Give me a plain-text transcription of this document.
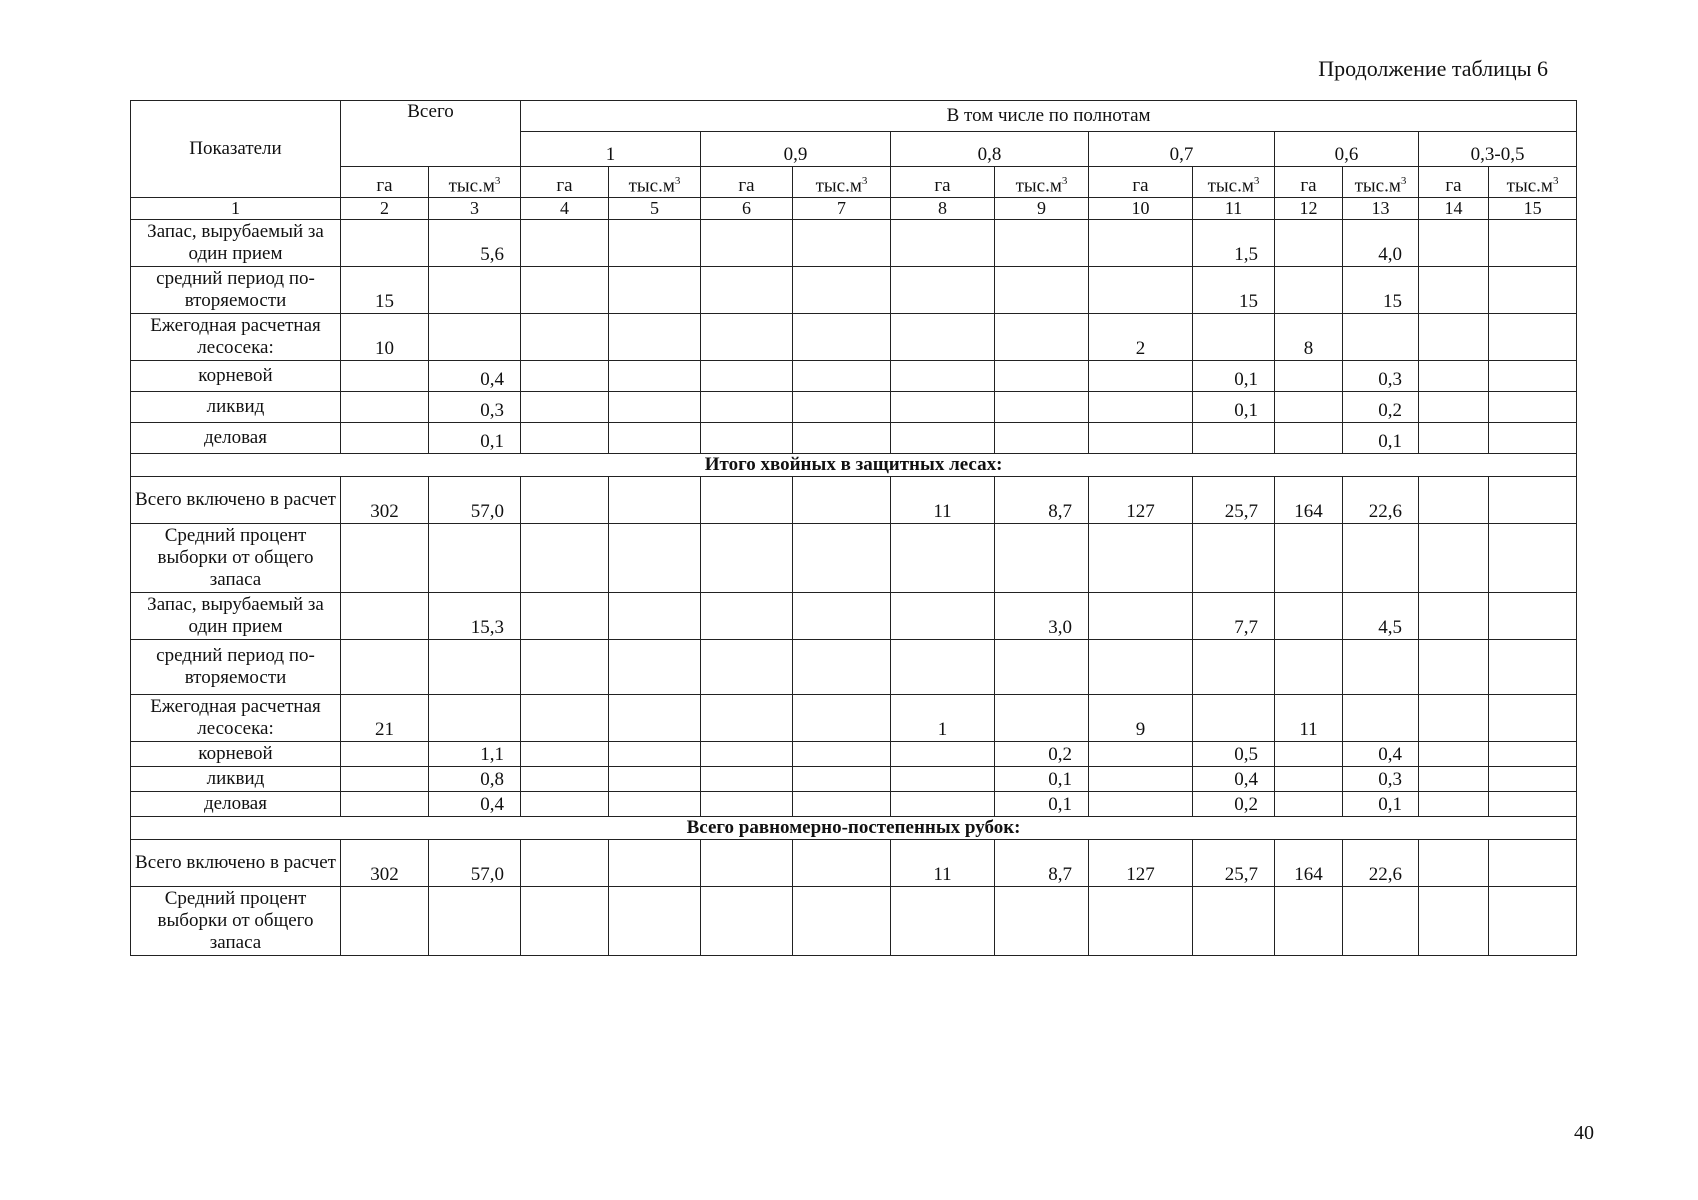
Продолжение таблицы 6
Показатели	Всего		В том числе по полнотам											
			1		0,9		0,8		0,7		0,6		0,3-0,5	
	га	$тыс.м^3$	га	$тыс.м^3$	га	$тыс.м^3$	га	$тыс.м^3$	га	$тыс.м^3$	га	$тыс.м^3$	га	$тыс.м^3$
1	2	3	4	5	6	7	8	9	10	11	12	13	14	15
Запас, вырубаемый за один прием		5,6								1,5		4,0		
средний период по-вторяемости	15									15		15		
Ежегодная расчетная лесосека:	10								2		8			
корневой		0,4								0,1		0,3		
ликвид		0,3								0,1		0,2		
деловая		0,1										0,1		
Итого хвойных в защитных лесах:														
Всего включено в расчет	302	57,0					11	8,7	127	25,7	164	22,6		
Средний процент выборки от общего запаса														
Запас, вырубаемый за один прием		15,3						3,0		7,7		4,5		
средний период по-вторяемости														
Ежегодная расчетная лесосека:	21						1		9		11			
корневой		1,1						0,2		0,5		0,4		
ликвид		0,8						0,1		0,4		0,3		
деловая		0,4						0,1		0,2		0,1		
Всего равномерно-постепенных рубок:														
Всего включено в расчет	302	57,0					11	8,7	127	25,7	164	22,6		
Средний процент выборки от общего запаса														
40
